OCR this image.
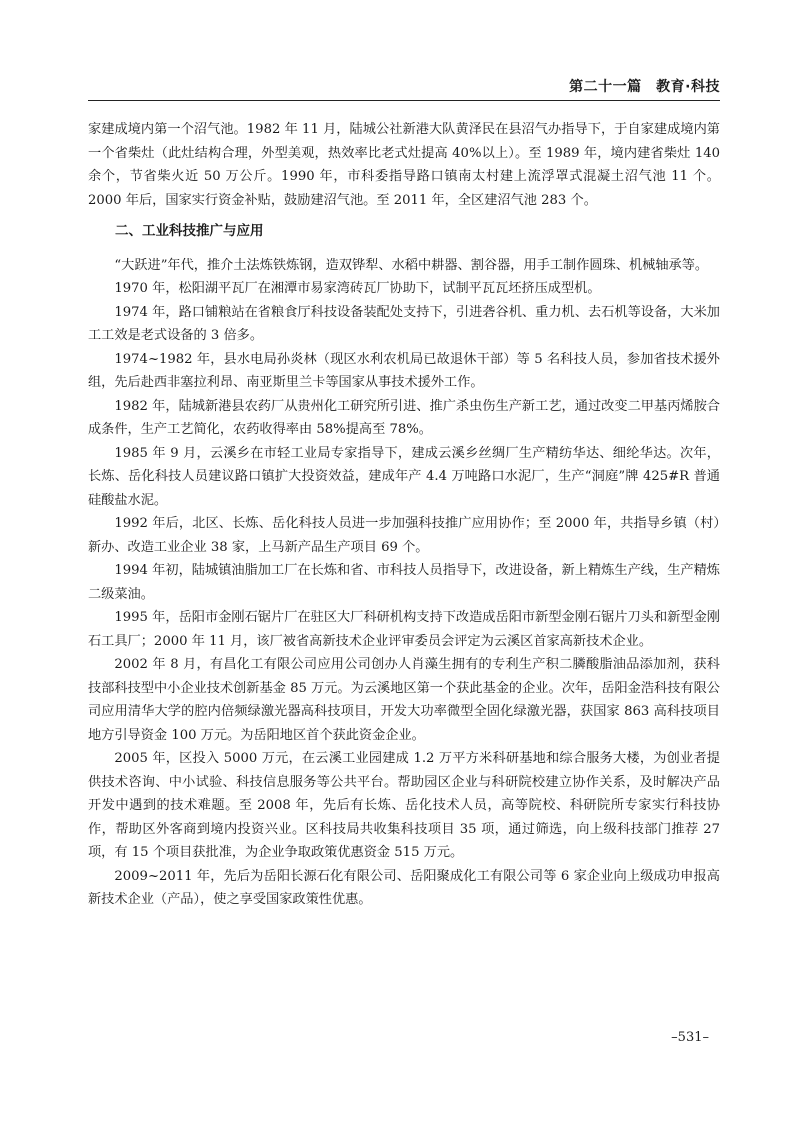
第二十一篇　教育·科技

家建成境内第一个沼气池。1982 年 11 月，陆城公社新港大队黄泽民在县沼气办指导下，于自家建成境内第一个省柴灶（此灶结构合理，外型美观，热效率比老式灶提高 40%以上）。至 1989 年，境内建省柴灶 140 余个，节省柴火近 50 万公斤。1990 年，市科委指导路口镇南太村建上流浮罩式混凝土沼气池 11 个。2000 年后，国家实行资金补贴，鼓励建沼气池。至 2011 年，全区建沼气池 283 个。

二、工业科技推广与应用

“大跃进”年代，推介土法炼铁炼钢，造双铧犁、水稻中耕器、割谷器，用手工制作圆珠、机械轴承等。

1970 年，松阳湖平瓦厂在湘潭市易家湾砖瓦厂协助下，试制平瓦瓦坯挤压成型机。

1974 年，路口铺粮站在省粮食厅科技设备装配处支持下，引进砻谷机、重力机、去石机等设备，大米加工工效是老式设备的 3 倍多。

1974~1982 年，县水电局孙炎林（现区水利农机局已故退休干部）等 5 名科技人员，参加省技术援外组，先后赴西非塞拉利昂、南亚斯里兰卡等国家从事技术援外工作。

1982 年，陆城新港县农药厂从贵州化工研究所引进、推广杀虫伤生产新工艺，通过改变二甲基丙烯胺合成条件，生产工艺简化，农药收得率由 58%提高至 78%。

1985 年 9 月，云溪乡在市轻工业局专家指导下，建成云溪乡丝绸厂生产精纺华达、细纶华达。次年，长炼、岳化科技人员建议路口镇扩大投资效益，建成年产 4.4 万吨路口水泥厂，生产“洞庭”牌 425#R 普通硅酸盐水泥。

1992 年后，北区、长炼、岳化科技人员进一步加强科技推广应用协作；至 2000 年，共指导乡镇（村）新办、改造工业企业 38 家，上马新产品生产项目 69 个。

1994 年初，陆城镇油脂加工厂在长炼和省、市科技人员指导下，改进设备，新上精炼生产线，生产精炼二级菜油。

1995 年，岳阳市金刚石锯片厂在驻区大厂科研机构支持下改造成岳阳市新型金刚石锯片刀头和新型金刚石工具厂；2000 年 11 月，该厂被省高新技术企业评审委员会评定为云溪区首家高新技术企业。

2002 年 8 月，有昌化工有限公司应用公司创办人肖藻生拥有的专利生产积二膦酸脂油品添加剂，获科技部科技型中小企业技术创新基金 85 万元。为云溪地区第一个获此基金的企业。次年，岳阳金浩科技有限公司应用清华大学的腔内倍频绿激光器高科技项目，开发大功率微型全固化绿激光器，获国家 863 高科技项目地方引导资金 100 万元。为岳阳地区首个获此资金企业。

2005 年，区投入 5000 万元，在云溪工业园建成 1.2 万平方米科研基地和综合服务大楼，为创业者提供技术咨询、中小试验、科技信息服务等公共平台。帮助园区企业与科研院校建立协作关系，及时解决产品开发中遇到的技术难题。至 2008 年，先后有长炼、岳化技术人员，高等院校、科研院所专家实行科技协作，帮助区外客商到境内投资兴业。区科技局共收集科技项目 35 项，通过筛选，向上级科技部门推荐 27 项，有 15 个项目获批准，为企业争取政策优惠资金 515 万元。

2009~2011 年，先后为岳阳长源石化有限公司、岳阳聚成化工有限公司等 6 家企业向上级成功申报高新技术企业（产品），使之享受国家政策性优惠。

–531–
